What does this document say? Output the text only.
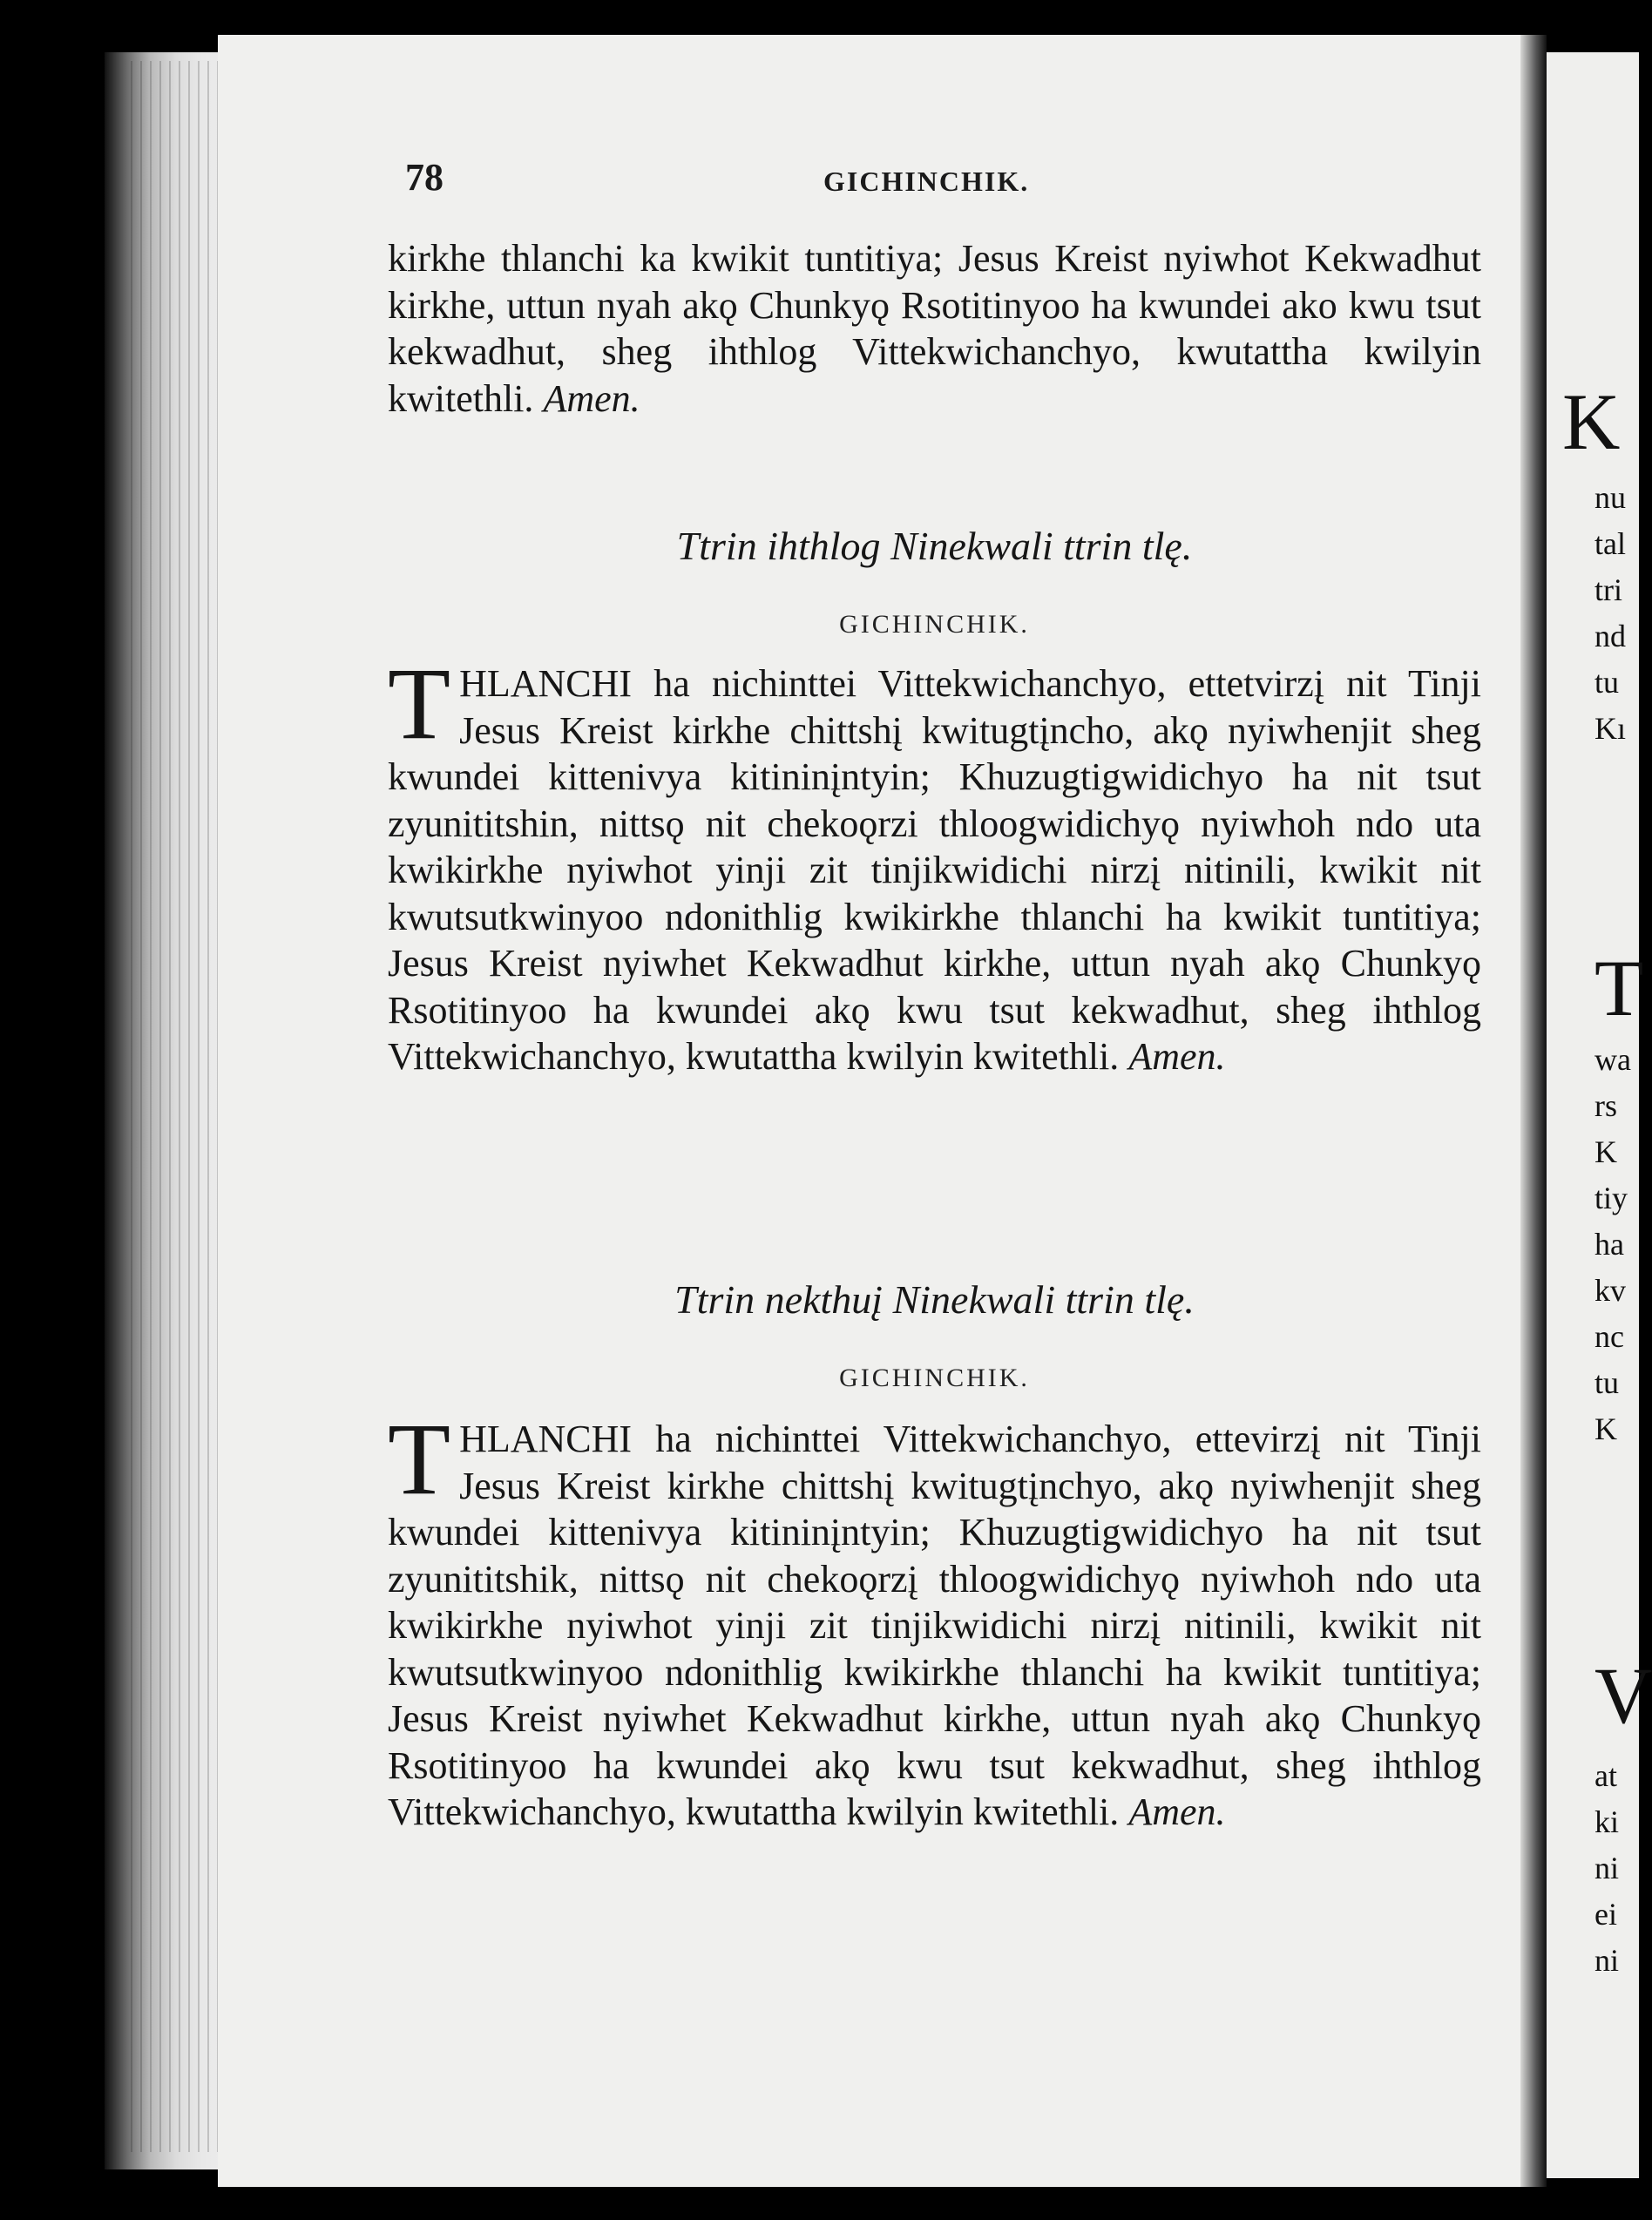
K
nu
tal
tri
nd
tu
Kı
T
wa
rs
K
tiy
ha
kv
nc
tu
K
V
at
ki
ni
ei
ni
78	GICHINCHIK.
kirkhe thlanchi ka kwikit tuntitiya; Jesus Kreist nyiwhot Kekwadhut kirkhe, uttun nyah akǫ Chunkyǫ Rsotitinyoo ha kwundei ako kwu tsut kekwadhut, sheg ihthlog Vittekwichanchyo, kwutattha kwilyin kwitethli. Amen.
Ttrin ihthlog Ninekwali ttrin tlę.
GICHINCHIK.
T HLANCHI ha nichinttei Vittekwichanchyo, ettetvirzį nit Tinji Jesus Kreist kirkhe chittshį kwitugtįncho, akǫ nyiwhenjit sheg kwundei kittenivya kitininįntyin; Khuzugtigwidichyo ha nit tsut zyunititshin, nittsǫ nit chekoǫrzi thloogwidichyǫ nyiwhoh ndo uta kwikirkhe nyiwhot yinji zit tinjikwidichi nirzį nitinili, kwikit nit kwutsutkwinyoo ndonithlig kwikirkhe thlanchi ha kwikit tuntitiya; Jesus Kreist nyiwhet Kekwadhut kirkhe, uttun nyah akǫ Chunkyǫ Rsotitinyoo ha kwundei akǫ kwu tsut kekwadhut, sheg ihthlog Vittekwichanchyo, kwutattha kwilyin kwitethli. Amen.
Ttrin nekthuį Ninekwali ttrin tlę.
GICHINCHIK.
T HLANCHI ha nichinttei Vittekwichanchyo, ettevirzį nit Tinji Jesus Kreist kirkhe chittshį kwitugtįnchyo, akǫ nyiwhenjit sheg kwundei kittenivya kitininįntyin; Khuzugtigwidichyo ha nit tsut zyunititshik, nittsǫ nit chekoǫrzį thloogwidichyǫ nyiwhoh ndo uta kwikirkhe nyiwhot yinji zit tinjikwidichi nirzį nitinili, kwikit nit kwutsutkwinyoo ndonithlig kwikirkhe thlanchi ha kwikit tuntitiya; Jesus Kreist nyiwhet Kekwadhut kirkhe, uttun nyah akǫ Chunkyǫ Rsotitinyoo ha kwundei akǫ kwu tsut kekwadhut, sheg ihthlog Vittekwichanchyo, kwutattha kwilyin kwitethli. Amen.
